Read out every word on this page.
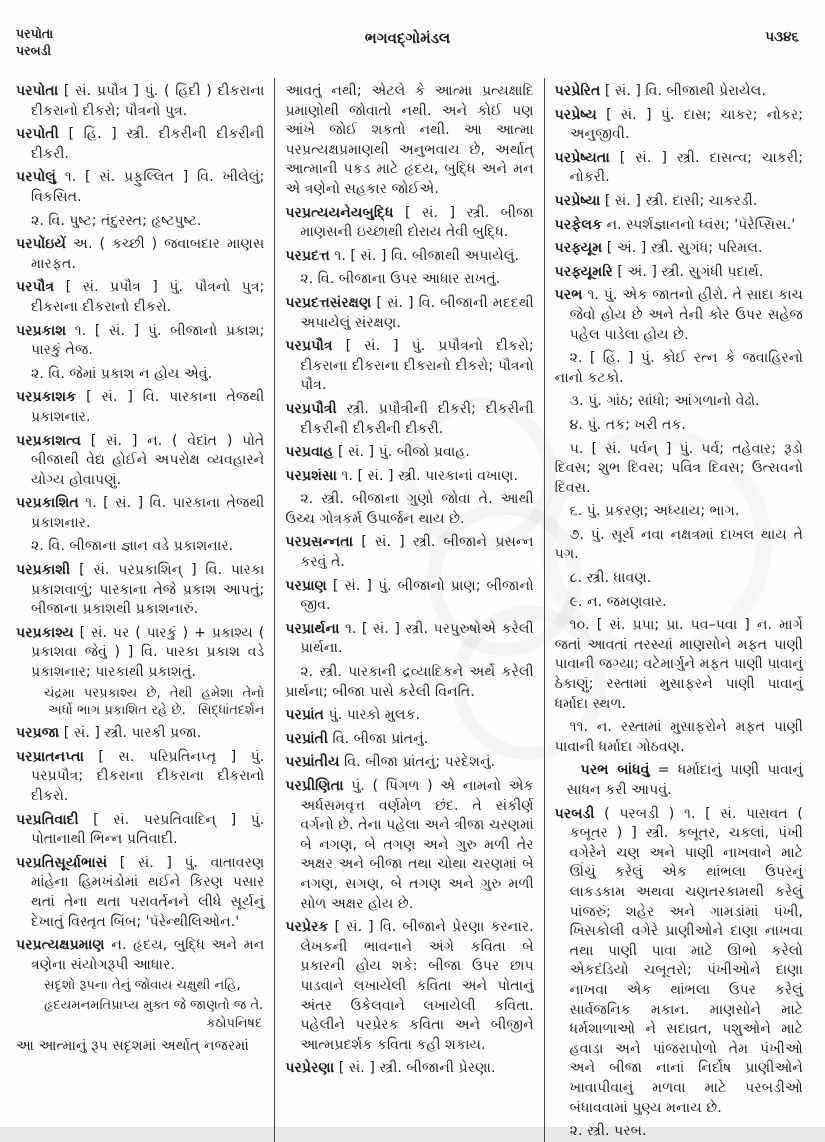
પરપોતા
પરબડી
ભગવદ્ગોમંડલ	૫૩૪૬
પરપોતા [ સં. પ્રપૌત્ર ] પું. ( હિંદી ) દીકરાના દીકરાનો દીકરો; પૌત્રનો પુત્ર.
પરપોતી [ હિં. ] સ્ત્રી. દીકરીની દીકરીની દીકરી.
પરપોલું ૧. [ સં. પ્રફુલ્લિત ] વિ. ખીલેલું; વિકસિત.
૨. વિ. પુષ્ટ; તંદુરસ્ત; હૃષ્ટપુષ્ટ.
પરપોંઇયેં અ. ( કચ્છી ) જવાબદાર માણસ મારફત.
પરપૌત્ર [ સં. પ્રપૌત્ર ] પું. પૌત્રનો પુત્ર; દીકરાના દીકરાનો દીકરો.
પરપ્રકાશ ૧. [ સં. ] પું. બીજાનો પ્રકાશ; પારકું તેજ.
૨. વિ. જેમાં પ્રકાશ ન હોય એવું.
પરપ્રકાશક [ સં. ] વિ. પારકાના તેજથી પ્રકાશનાર.
પરપ્રકાશત્વ [ સં. ] ન. ( વેદાંત ) પોતે બીજાથી વેદ્ય હોઈને અપરોક્ષ વ્યવહારને યોગ્ય હોવાપણું.
પરપ્રકાશિત ૧. [ સં. ] વિ. પારકાના તેજથી પ્રકાશનાર.
૨. વિ. બીજાના જ્ઞાન વડે પ્રકાશનાર.
પરપ્રકાશી [ સં. પરપ્રકાશિન્ ] વિ. પારકા પ્રકાશવાળું; પારકાના તેજે પ્રકાશ આપતું; બીજાના પ્રકાશથી પ્રકાશનારું.
પરપ્રકાશ્ય [ સં. પર ( પારકું ) + પ્રકાશ્ય ( પ્રકાશવા જેવું ) ] વિ. પારકા પ્રકાશ વડે પ્રકાશનાર; પારકાથી પ્રકાશતું.
ચંદ્રમા પરપ્રકાશ્ય છે, તેથી હમેશા તેનો અર્ધો ભાગ પ્રકાશિત રહે છે. સિદ્ધાંતદર્શન
પરપ્રજા [ સં. ] સ્ત્રી. પારકી પ્રજા.
પરપ્રાતનપ્તા [ સ. પરિપ્રતિનપ્તૃ ] પું. પરપ્રપૌત્ર; દીકરાના દીકરાના દીકરાનો દીકરો.
પરપ્રતિવાદી [ સં. પરપ્રતિવાદિન્ ] પું. પોતાનાથી ભિન્ન પ્રતિવાદી.
પરપ્રતિસૂર્યાભાસં [ સં. ] પું. વાતાવરણ માંહેના હિમખંડોમાં થઈને કિરણ પસાર થતાં તેના થતા પરાવર્તનને લીધે સૂર્યનું દેખાતું વિસ્તૃત બિંબ; 'પૅરેન્થીલિઓન.'
પરપ્રત્યક્ષપ્રમાણ ન. હૃદય, બુદ્ધિ અને મન ત્રણેના સંયોગરૂપી આધાર.
સદૃશો રૂપના તેનું જોવાય ચક્ષુથી નહિ,
હૃદયમનમતિપ્રાપ્ય મુક્ત જે જાણતો જ તે.
કઠોપનિષદ
આ આત્માનું રૂપ સદૃશમાં અર્થાત્ નજરમાં
આવતું નથી; એટલે કે આત્મા પ્રત્યક્ષાદિ પ્રમાણોથી જોવાતો નથી. અને કોઈ પણ આંખે જોઈ શકતો નથી. આ આત્મા પરપ્રત્યક્ષપ્રમાણથી અનુભવાય છે, અર્થાત્ આત્માની પકડ માટે હૃદય, બુદ્ધિ અને મન એ ત્રણેનો સહકાર જોઈએ.
પરપ્રત્યયનેયબુદ્ધિ [ સં. ] સ્ત્રી. બીજા માણસની ઇચ્છાથી દોરાય તેવી બુદ્ધિ.
પરપ્રદત્ત ૧. [ સં. ] વિ. બીજાથી અપાયેલું.
૨. વિ. બીજાના ઉપર આધાર રાખતું.
પરપ્રદત્તસંરક્ષણ [ સં. ] વિ. બીજાની મદદથી અપાયેલું સંરક્ષણ.
પરપ્રપૌત્ર [ સં. ] પું. પ્રપૌત્રનો દીકરો; દીકરાના દીકરાના દીકરાનો દીકરો; પૌત્રનો પૌત્ર.
પરપ્રપૌત્રી સ્ત્રી. પ્રપૌત્રીની દીકરી; દીકરીની દીકરીની દીકરીની દીકરી.
પરપ્રવાહ [ સં. ] પું. બીજો પ્રવાહ.
પરપ્રશંસા ૧. [ સં. ] સ્ત્રી. પારકાનાં વખાણ.
૨. સ્ત્રી. બીજાના ગુણો જોવા તે. આથી ઉચ્ચ ગોત્રકર્મ ઉપાર્જન થાય છે.
પરપ્રસન્નતા [ સં. ] સ્ત્રી. બીજાને પ્રસન્ન કરવું તે.
પરપ્રાણ [ સં. ] પું. બીજાનો પ્રાણ; બીજાનો જીવ.
પરપ્રાર્થના ૧. [ સં. ] સ્ત્રી. પરપુરુષોએ કરેલી પ્રાર્થના.
૨. સ્ત્રી. પારકાની દ્રવ્યાદિકને અર્થે કરેલી પ્રાર્થના; બીજા પાસે કરેલી વિનતિ.
પરપ્રાંત પું. પારકો મુલક.
પરપ્રાંતી વિ. બીજા પ્રાંતનું.
પરપ્રાંતીય વિ. બીજા પ્રાંતનું; પરદેશનું.
પરપ્રીણિતા પું. ( પિંગળ ) એ નામનો એક અર્ધસમવૃત્ત વર્ણમેળ છંદ. તે સંકીર્ણ વર્ગનો છે. તેના પહેલા અને ત્રીજા ચરણમાં બે નગણ, બે તગણ અને ગુરુ મળી તેર અક્ષર અને બીજા તથા ચોથા ચરણમાં બે નગણ, સગણ, બે તગણ અને ગુરુ મળી સોળ અક્ષર હોય છે.
પરપ્રેરક [ સં. ] વિ. બીજાને પ્રેરણા કરનાર. લેખકની ભાવનાને અંગે કવિતા બે પ્રકારની હોય શકે: બીજા ઉપર છાપ પાડવાને લખાયેલી કવિતા અને પોતાનું અંતર ઉકેલવાને લખાયેલી કવિતા. પહેલીને પરપ્રેરક કવિતા અને બીજીને આત્મપ્રદર્શક કવિતા કહી શકાય.
પરપ્રેરણા [ સં. ] સ્ત્રી. બીજાની પ્રેરણા.
પરપ્રેરિત [ સં. ] વિ. બીજાથી પ્રેરાયેલ.
પરપ્રેષ્ય [ સં. ] પું. દાસ; ચાકર; નોકર; અનુજીવી.
પરપ્રેષ્યતા [ સં. ] સ્ત્રી. દાસત્વ; ચાકરી; નોકરી.
પરપ્રેષ્યા [ સં. ] સ્ત્રી. દાસી; ચાકરડી.
પરફેલક ન. સ્પર્શજ્ઞાનનો ધ્વંસ; 'પૅરેપ્સિસ.'
પરફ્યૂમ [ અં. ] સ્ત્રી. સુગંધ; પરિમલ.
પરફ્યૂમરિ [ અં. ] સ્ત્રી. સુગંધી પદાર્થ.
પરભ ૧. પું. એક જાતનો હીરો. તે સાદા કાચ જેવો હોય છે અને તેની કોર ઉપર સહેજ પહેલ પાડેલા હોય છે.
૨. [ હિં. ] પું. કોઈ રત્ન કે જવાહિરનો નાનો કટકો.
૩. પું. ગાંઠ; સાંધો; આંગળાનો વેઢો.
૪. પું. તક; ખરી તક.
૫. [ સં. પર્વન્ ] પું. પર્વ; તહેવાર; રૂડો દિવસ; શુભ દિવસ; પવિત્ર દિવસ; ઉત્સવનો દિવસ.
૬. પું. પ્રકરણ; અધ્યાય; ભાગ.
૭. પું. સૂર્ય નવા નક્ષત્રમાં દાખલ થાય તે પગ.
૮. સ્ત્રી. ધાવણ.
૯. ન. જમણવાર.
૧૦. [ સં. પ્રપા; પ્રા. પવ–પવા ] ન. માર્ગે જતાં આવતાં તરસ્યાં માણસોને મફત પાણી પાવાની જગ્યા; વટેમાર્ગુને મફત પાણી પાવાનું ઠેકાણું; રસ્તામાં મુસાફરને પાણી પાવાનું ધર્માદા સ્થળ.
૧૧. ન. રસ્તામાં મુસાફરોને મફત પાણી પાવાની ધર્માદા ગોઠવણ.
પરભ બાંધવું = ધર્માદાનું પાણી પાવાનું સાધન કરી આપવું.
પરબડી ( પરબડી ) ૧. [ સં. પારાવત ( કબૂતર ) ] સ્ત્રી. કબૂતર, ચકલાં, પંખી વગેરેને ચણ અને પાણી નાખવાને માટે ઊંચું કરેલું એક થાંભલા ઉપરનું લાકડકામ અથવા ચણતરકામથી કરેલું પાંજરું; શહેર અને ગામડાંમાં પંખી, ખિસકોલી વગેરે પ્રાણીઓને દાણા નાખવા તથા પાણી પાવા માટે ઊભો કરેલો એકદંડિયો ચબૂતરો; પંખીઓને દાણા નાખવા એક થાંભલા ઉપર કરેલું સાર્વજનિક મકાન. માણસોને માટે ધર્મશાળાઓ ને સદાવ્રત, પશુઓને માટે હવાડા અને પાંજરાપોળો તેમ પંખીઓ અને બીજા નાનાં નિર્દોષ પ્રાણીઓને ખાવાપીવાનું મળવા માટે પરબડીઓ બંધાવવામાં પુણ્ય મનાય છે.
૨. સ્ત્રી. પરબ.
